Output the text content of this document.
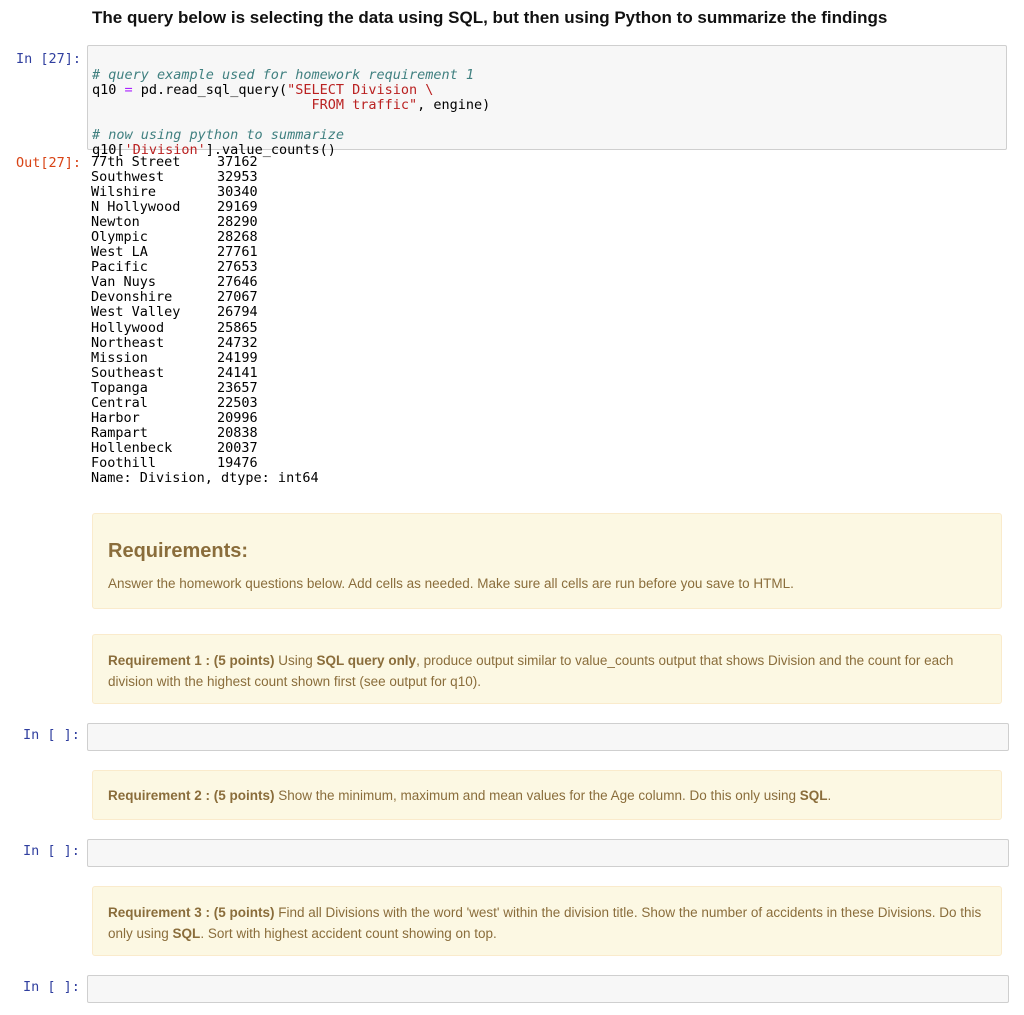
The query below is selecting the data using SQL, but then using Python to summarize the findings
In [27]:

# query example used for homework requirement 1
q10 = pd.read_sql_query("SELECT Division \
FROM traffic", engine)

# now using python to summarize
q10['Division'].value_counts()
Out[27]: 77th Street	37162
Southwest	32953
Wilshire	30340
N Hollywood	29169
Newton	28290
Olympic	28268
West LA	27761
Pacific	27653
Van Nuys	27646
Devonshire	27067
West Valley	26794
Hollywood	25865
Northeast	24732
Mission	24199
Southeast	24141
Topanga	23657
Central	22503
Harbor	20996
Rampart	20838
Hollenbeck	20037
Foothill	19476
Name: Division, dtype: int64
Requirements:

Answer the homework questions below. Add cells as needed. Make sure all cells are run before you save to HTML.

Requirement 1 : (5 points) Using SQL query only, produce output similar to value_counts output that shows Division and the count for each division with the highest count shown first (see output for q10).

In [ ]:

Requirement 2 : (5 points) Show the minimum, maximum and mean values for the Age column. Do this only using SQL.

In [ ]:

Requirement 3 : (5 points) Find all Divisions with the word 'west' within the division title. Show the number of accidents in these Divisions. Do this only using SQL. Sort with highest accident count showing on top.

In [ ]:
